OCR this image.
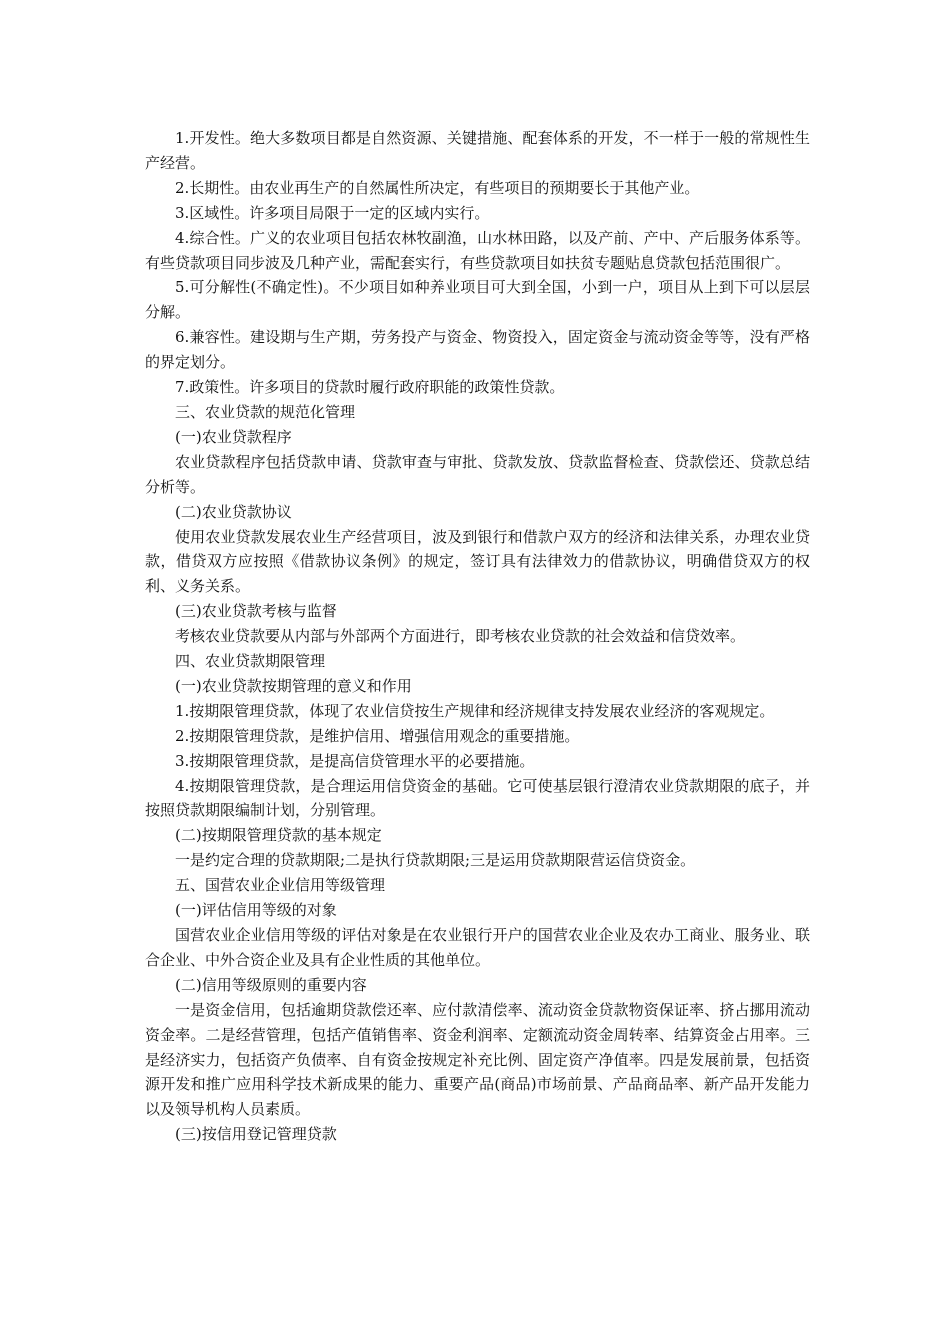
1.开发性。绝大多数项目都是自然资源、关键措施、配套体系的开发，不一样于一般的常规性生产经营。

2.长期性。由农业再生产的自然属性所决定，有些项目的预期要长于其他产业。

3.区域性。许多项目局限于一定的区域内实行。

4.综合性。广义的农业项目包括农林牧副渔，山水林田路，以及产前、产中、产后服务体系等。有些贷款项目同步波及几种产业，需配套实行，有些贷款项目如扶贫专题贴息贷款包括范围很广。

5.可分解性(不确定性)。不少项目如种养业项目可大到全国，小到一户，项目从上到下可以层层分解。

6.兼容性。建设期与生产期，劳务投产与资金、物资投入，固定资金与流动资金等等，没有严格的界定划分。

7.政策性。许多项目的贷款时履行政府职能的政策性贷款。

三、农业贷款的规范化管理

(一)农业贷款程序

农业贷款程序包括贷款申请、贷款审查与审批、贷款发放、贷款监督检查、贷款偿还、贷款总结分析等。

(二)农业贷款协议

使用农业贷款发展农业生产经营项目，波及到银行和借款户双方的经济和法律关系，办理农业贷款，借贷双方应按照《借款协议条例》的规定，签订具有法律效力的借款协议，明确借贷双方的权利、义务关系。

(三)农业贷款考核与监督

考核农业贷款要从内部与外部两个方面进行，即考核农业贷款的社会效益和信贷效率。

四、农业贷款期限管理

(一)农业贷款按期管理的意义和作用

1.按期限管理贷款，体现了农业信贷按生产规律和经济规律支持发展农业经济的客观规定。

2.按期限管理贷款，是维护信用、增强信用观念的重要措施。

3.按期限管理贷款，是提高信贷管理水平的必要措施。

4.按期限管理贷款，是合理运用信贷资金的基础。它可使基层银行澄清农业贷款期限的底子，并按照贷款期限编制计划，分别管理。

(二)按期限管理贷款的基本规定

一是约定合理的贷款期限;二是执行贷款期限;三是运用贷款期限营运信贷资金。

五、国营农业企业信用等级管理

(一)评估信用等级的对象

国营农业企业信用等级的评估对象是在农业银行开户的国营农业企业及农办工商业、服务业、联合企业、中外合资企业及具有企业性质的其他单位。

(二)信用等级原则的重要内容

一是资金信用，包括逾期贷款偿还率、应付款清偿率、流动资金贷款物资保证率、挤占挪用流动资金率。二是经营管理，包括产值销售率、资金利润率、定额流动资金周转率、结算资金占用率。三是经济实力，包括资产负债率、自有资金按规定补充比例、固定资产净值率。四是发展前景，包括资源开发和推广应用科学技术新成果的能力、重要产品(商品)市场前景、产品商品率、新产品开发能力以及领导机构人员素质。

(三)按信用登记管理贷款
